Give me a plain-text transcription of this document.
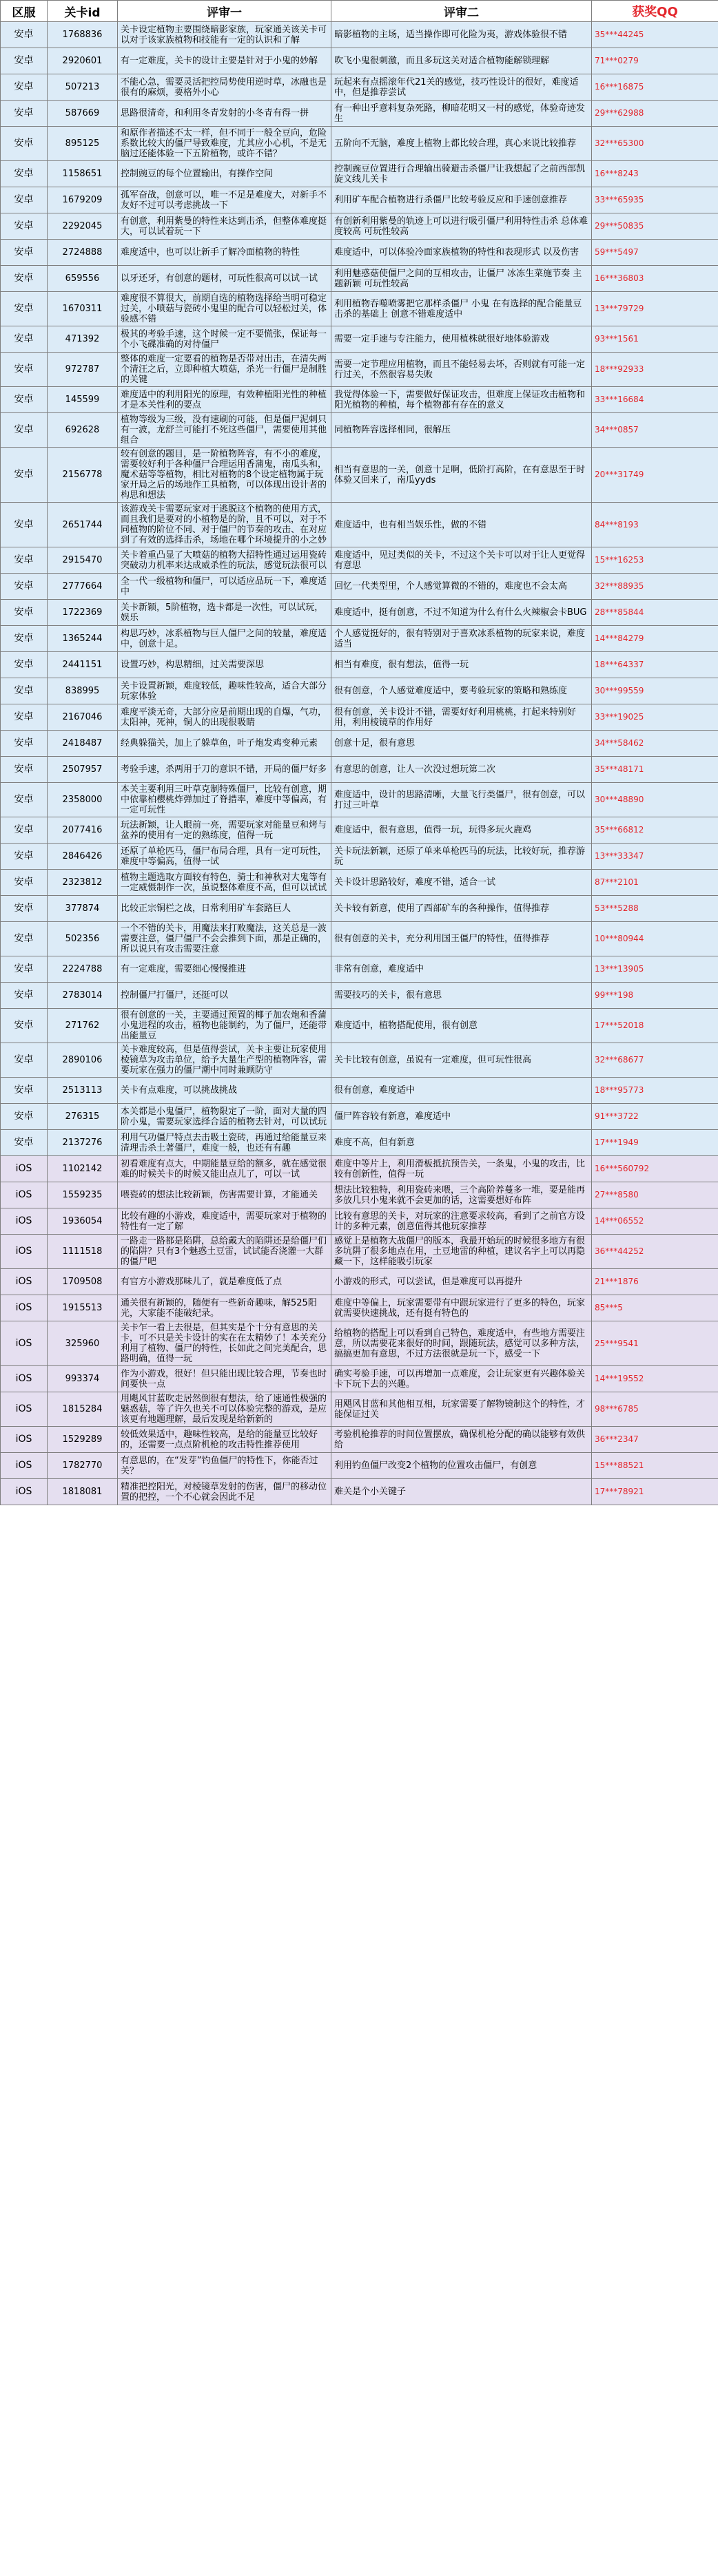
区服	关卡id	评审一	评审二	获奖QQ
安卓	1768836	关卡设定植物主要围绕暗影家族，玩家通关该关卡可以对于该家族植物和技能有一定的认识和了解	暗影植物的主场，适当操作即可化险为夷，游戏体验很不错	35***44245
安卓	2920601	有一定难度，关卡的设计主要是针对于小鬼的妙解	吹飞小鬼很刺激，而且多玩这关对适合植物能解锁理解	71***0279
安卓	507213	不能心急，需要灵活把控局势使用逆时草，冰融也是很有的麻烦，要格外小心	玩起来有点摇滚年代21关的感觉，技巧性设计的很好，难度适中，但是推荐尝试	16***16875
安卓	587669	思路很清奇，和利用冬青发射的小冬青有得一拼	有一种出乎意料复杂死路，柳暗花明又一村的感觉，体验奇迹发生	29***62988
安卓	895125	和原作者描述不太一样，但不同于一般全豆向，危险系数比较大的僵尸导致难度，尤其应小心机，不是无脑过还能体验一下五阶植物，或许不错？	五阶向不无脑，难度上植物上都比较合理，真心来说比较推荐	32***65300
安卓	1158651	控制豌豆的每个位置输出，有操作空间	控制豌豆位置进行合理输出骑避击杀僵尸让我想起了之前西部凯旋文线儿关卡	16***8243
安卓	1679209	孤军奋战，创意可以，唯一不足是难度大，对新手不友好不过可以考虑挑战一下	利用矿车配合植物进行杀僵尸比较考验反应和手速创意推荐	33***65935
安卓	2292045	有创意，利用紫曼的特性来达到击杀，但整体难度挺大，可以试着玩一下	有创新利用紫曼的轨迹上可以进行吸引僵尸利用特性击杀 总体难度较高 可玩性较高	29***50835
安卓	2724888	难度适中，也可以让新手了解冷面植物的特性	难度适中，可以体验冷面家族植物的特性和表现形式 以及伤害	59***5497
安卓	659556	以牙还牙，有创意的题材，可玩性很高可以试一试	利用魅惑菇使僵尸之间的互相攻击，让僵尸 冰冻生菜施节奏 主题新颖 可玩性较高	16***36803
安卓	1670311	难度很不算很大，前期自选的植物选择给当明可稳定过关，小喷菇与瓷砖小鬼里的配合可以轻松过关，体验感不错	利用植物吞噬喷雾把它那样杀僵尸 小鬼 在有选择的配合能量豆击杀的基础上 创意不错难度适中	13***79729
安卓	471392	极其的考验手速，这个时候一定不要慌张，保证每一个小飞碟准确的对待僵尸	需要一定手速与专注能力，使用植株就很好地体验游戏	93***1561
安卓	972787	整体的难度一定要看的植物是否带对出击，在清失两个清汪之后，立即种植大喷菇，杀光一行僵尸是制胜的关键	需要一定节理应用植物，而且不能轻易去坏，否则就有可能一定行过关，不然很容易失败	18***92933
安卓	145599	难度适中的利用阳光的原理，有效种植阳光性的种植才是本关性利的要点	我觉得体验一下，需要做好保证攻击，但难度上保证攻击植物和阳光植物的种植，每个植物都有存在的意义	33***16684
安卓	692628	植物等级为三级，没有速刷的可能，但是僵尸泥刺只有一波，龙舒兰可能打不死这些僵尸，需要使用其他组合	同植物阵容选择相同，很解压	34***0857
安卓	2156778	较有创意的题目，是一阶植物阵容，有不小的难度，需要较好利于各种僵尸合理运用香蒲鬼，南瓜头和，魔术菇等等植物，相比对植物的8个设定植物属于玩家开局之后的场地作工具植物，可以体现出设计者的构思和想法	相当有意思的一关，创意十足啊，低阶打高阶，在有意思至于时体验又回来了，南瓜yyds	20***31749
安卓	2651744	该游戏关卡需要玩家对于逃脱这个植物的使用方式，而且我们是要对的小植物是的阶，且不可以，对于不同植物的阶位不同、对于僵尸的节奏的攻击、在对应到了有效的选择击杀，场地在哪个环境提升的小之妙	难度适中，也有相当娱乐性，做的不错	84***8193
安卓	2915470	关卡着重凸显了大喷菇的植物大招特性通过运用瓷砖突破动力机率来达成威杀性的玩法，感觉玩法很可以	难度适中，见过类似的关卡，不过这个关卡可以对于让人更觉得有意思	15***16253
安卓	2777664	全一代一级植物和僵尸，可以适应品玩一下，难度适中	回忆一代类型里，个人感觉算微的不错的，难度也不会太高	32***88935
安卓	1722369	关卡新颖，5阶植物，选卡都是一次性，可以试玩，娱乐	难度适中，挺有创意，不过不知道为什么有什么火辣椒会卡BUG	28***85844
安卓	1365244	构思巧妙，冰系植物与巨人僵尸之间的较量，难度适中，创意十足。	个人感觉挺好的，很有特别对于喜欢冰系植物的玩家来说，难度适当	14***84279
安卓	2441151	设置巧妙，构思精细，过关需要深思	相当有难度，很有想法，值得一玩	18***64337
安卓	838995	关卡设置新颖，难度较低，趣味性较高，适合大部分玩家体验	很有创意，个人感觉难度适中，要考验玩家的策略和熟练度	30***99559
安卓	2167046	难度平淡无奇，大部分应是前期出现的自爆，气功，太阳神，死神，铜人的出现很吸睛	很有创意，关卡设计不错，需要好好利用桃桃，打起来特别好用，利用棱镜草的作用好	33***19025
安卓	2418487	经典躲猫关，加上了躲草鱼，叶子炮发鸡变种元素	创意十足，很有意思	34***58462
安卓	2507957	考验手速，杀两用于刀的意识不错，开局的僵尸好多	有意思的创意，让人一次没过想玩第二次	35***48171
安卓	2358000	本关主要利用三叶草克制特殊僵尸，比较有创意，期中依靠柏樱桃炸弹加过了脊措率，难度中等偏高，有一定可玩性	难度适中，设计的思路清晰，大量飞行类僵尸，很有创意，可以打过三叶草	30***48890
安卓	2077416	玩法新颖，让人眼前一亮，需要玩家对能量豆和烤与盆养的使用有一定的熟练度，值得一玩	难度适中，很有意思，值得一玩，玩得多玩火鹿鸡	35***66812
安卓	2846426	还原了单枪匹马，僵尸布局合理，具有一定可玩性，难度中等偏高，值得一试	关卡玩法新颖，还原了单来单枪匹马的玩法，比较好玩，推荐游玩	13***33347
安卓	2323812	植物主题选取方面较有特色，骑士和神秋对大鬼等有一定威慑制作一次，虽说整体难度不高，但可以试试	关卡设计思路较好，难度不错，适合一试	87***2101
安卓	377874	比较正宗铜栏之战，日常利用矿车套路巨人	关卡较有新意，使用了西部矿车的各种操作，值得推荐	53***5288
安卓	502356	一个不错的关卡，用魔法来打败魔法，这关总是一波需要注意，僵尸僵尸不会会推到下面，那是正确的，所以说只有攻击需要注意	很有创意的关卡，充分利用国王僵尸的特性，值得推荐	10***80944
安卓	2224788	有一定难度，需要细心慢慢推进	非常有创意，难度适中	13***13905
安卓	2783014	控制僵尸打僵尸，还挺可以	需要技巧的关卡，很有意思	99***198
安卓	271762	很有创意的一关，主要通过预置的椰子加农炮和香蒲小鬼进程的攻击，植物也能制约，为了僵尸，还能带出能量豆	难度适中，植物搭配使用，很有创意	17***52018
安卓	2890106	关卡难度较高，但是值得尝试，关卡主要让玩家使用棱镜草为攻击单位，给予大量生产型的植物阵容，需要玩家在强力的僵尸潮中同时兼顾防守	关卡比较有创意，虽说有一定难度，但可玩性很高	32***68677
安卓	2513113	关卡有点难度，可以挑战挑战	很有创意，难度适中	18***95773
安卓	276315	本关都是小鬼僵尸，植物限定了一阶，面对大量的四阶小鬼，需要玩家选择合适的植物去针对，可以试玩	僵尸阵容较有新意，难度适中	91***3722
安卓	2137276	利用气功僵尸特点去击吸土瓷砖，再通过给能量豆来清理击杀土著僵尸，难度一般，也还有有趣	难度不高，但有新意	17***1949
iOS	1102142	初看难度有点大，中期能量豆给的额多，就在感觉很难的时候关卡的时候又能出点儿了，可以一试	难度中等片上，利用滑板抵抗预告关，一条鬼，小鬼的攻击，比较有创新性，值得一玩	16***560792
iOS	1559235	喂瓷砖的想法比较新颖，伤害需要计算，才能通关	想法比较独特，利用瓷砖来喂，三个高阶养蔓多一堆，要是能再多放几只小鬼来就不会更加的话，这需要想好布阵	27***8580
iOS	1936054	比较有趣的小游戏，难度适中，需要玩家对于植物的特性有一定了解	比较有意思的关卡，对玩家的注意要求较高，看到了之前官方设计的多种元素，创意值得其他玩家推荐	14***06552
iOS	1111518	一路走一路都是陷阱，总给戴大的陷阱还是给僵尸们的陷阱？只有3个魅惑土豆雷，试试能否浇灌一大群的僵尸吧	感觉上是植物大战僵尸的版本，我最开始玩的时候很多地方有很多坑阱了很多地点在用，土豆地雷的种植，建议名字上可以再隐藏一下，这样能吸引玩家	36***44252
iOS	1709508	有官方小游戏那味儿了，就是难度低了点	小游戏的形式，可以尝试，但是难度可以再提升	21***1876
iOS	1915513	通关很有新颖的，随便有一些新奇趣味，解525阳光，大家能不能破纪录。	难度中等偏上，玩家需要带有中跟玩家进行了更多的特色，玩家就需要快速挑战，还有挺有特色的	85***5
iOS	325960	关卡乍一看上去很是，但其实是个十分有意思的关卡，可不只是关卡设计的实在在太精妙了！本关充分利用了植物、僵尸的特性，长如此之间完美配合，思路明确，值得一玩	给植物的搭配上可以看到自己特色，难度适中，有些地方需要注意，所以需要花来很好的时间，跟随玩法，感觉可以多种方法，搞搞更加有意思，不过方法很就是玩一下，感受一下	25***9541
iOS	993374	作为小游戏，很好！但只能出现比较合理，节奏也时间要快一点	确实考验手速，可以再增加一点难度，会让玩家更有兴趣体验关卡下玩下去的兴趣。	14***19552
iOS	1815284	用飓风甘蓝吹走居然倒很有想法，给了速通性极强的魅惑菇，等了许久也关不可以体验完整的游戏，是应该更有地题理解，最后发现是给新新的	用飓风甘蓝和其他相互相，玩家需要了解物镜制这个的特性，才能保证过关	98***6785
iOS	1529289	较低效果适中，趣味性较高，是给的能量豆比较好的，还需要一点点阶机枪的攻击特性推荐使用	考验机枪推荐的时间位置摆放，确保机枪分配的确以能够有效供给	36***2347
iOS	1782770	有意思的，在“发芽”钓鱼僵尸的特性下，你能否过关？	利用钓鱼僵尸改变2个植物的位置攻击僵尸，有创意	15***88521
iOS	1818081	精准把控阳光，对棱镜草发射的伤害，僵尸的移动位置的把控，一个不心就会因此不足	难关是个小关键子	17***78921
